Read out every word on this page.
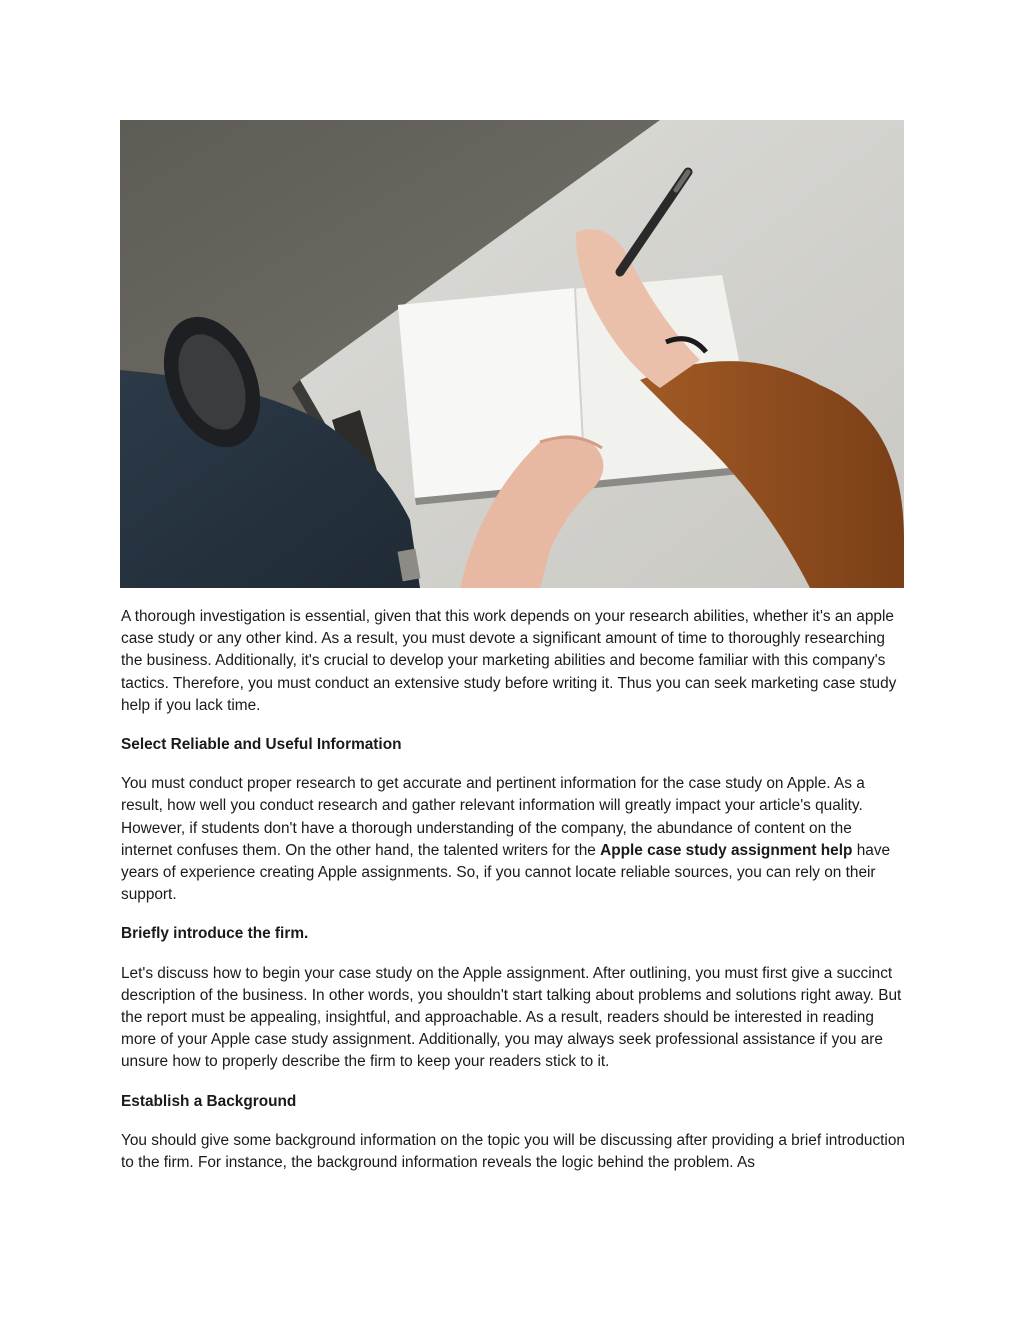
A thorough investigation is essential, given that this work depends on your research abilities, whether it's an apple case study or any other kind. As a result, you must devote a significant amount of time to thoroughly researching the business. Additionally, it's crucial to develop your marketing abilities and become familiar with this company's tactics. Therefore, you must conduct an extensive study before writing it. Thus you can seek marketing case study help if you lack time.

Select Reliable and Useful Information

You must conduct proper research to get accurate and pertinent information for the case study on Apple. As a result, how well you conduct research and gather relevant information will greatly impact your article's quality. However, if students don't have a thorough understanding of the company, the abundance of content on the internet confuses them. On the other hand, the talented writers for the Apple case study assignment help have years of experience creating Apple assignments. So, if you cannot locate reliable sources, you can rely on their support.

Briefly introduce the firm.

Let's discuss how to begin your case study on the Apple assignment. After outlining, you must first give a succinct description of the business. In other words, you shouldn't start talking about problems and solutions right away. But the report must be appealing, insightful, and approachable. As a result, readers should be interested in reading more of your Apple case study assignment. Additionally, you may always seek professional assistance if you are unsure how to properly describe the firm to keep your readers stick to it.

Establish a Background

You should give some background information on the topic you will be discussing after providing a brief introduction to the firm. For instance, the background information reveals the logic behind the problem. As
